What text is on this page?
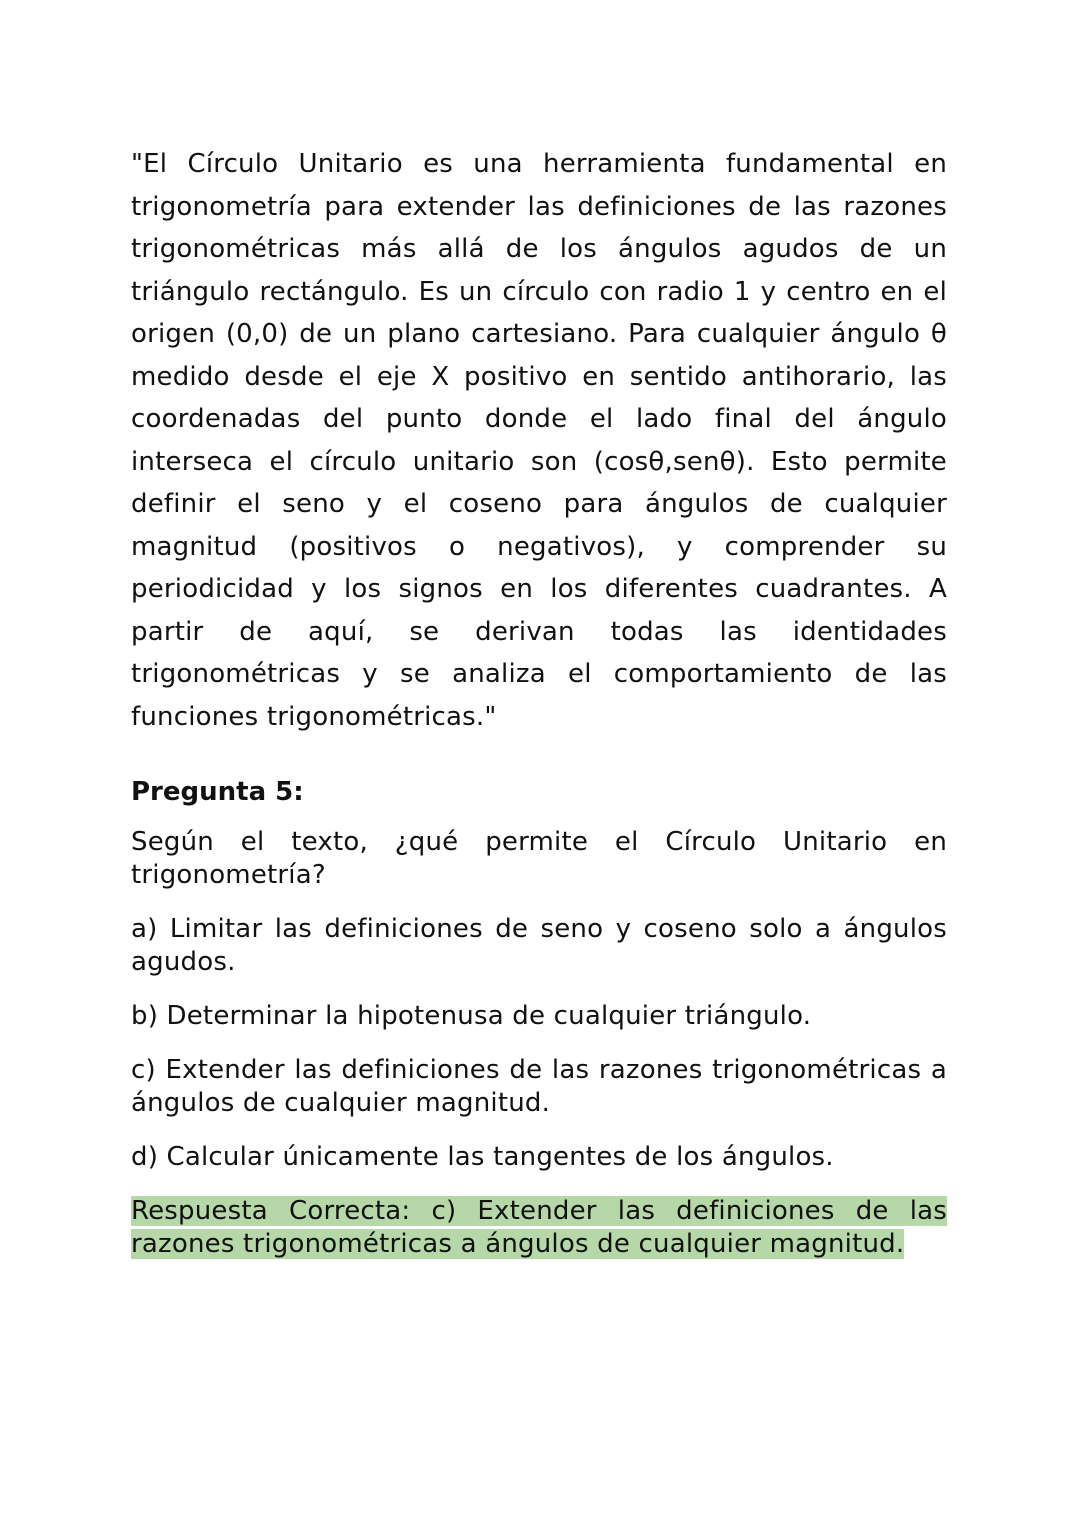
"El Círculo Unitario es una herramienta fundamental en trigonometría para extender las definiciones de las razones trigonométricas más allá de los ángulos agudos de un triángulo rectángulo. Es un círculo con radio 1 y centro en el origen (0,0) de un plano cartesiano. Para cualquier ángulo θ medido desde el eje X positivo en sentido antihorario, las coordenadas del punto donde el lado final del ángulo interseca el círculo unitario son (cosθ,senθ). Esto permite definir el seno y el coseno para ángulos de cualquier magnitud (positivos o negativos), y comprender su periodicidad y los signos en los diferentes cuadrantes. A partir de aquí, se derivan todas las identidades trigonométricas y se analiza el comportamiento de las funciones trigonométricas."

Pregunta 5:

Según el texto, ¿qué permite el Círculo Unitario en trigonometría?

a) Limitar las definiciones de seno y coseno solo a ángulos agudos.

b) Determinar la hipotenusa de cualquier triángulo.

c) Extender las definiciones de las razones trigonométricas a ángulos de cualquier magnitud.

d) Calcular únicamente las tangentes de los ángulos.

Respuesta Correcta: c) Extender las definiciones de las razones trigonométricas a ángulos de cualquier magnitud.
